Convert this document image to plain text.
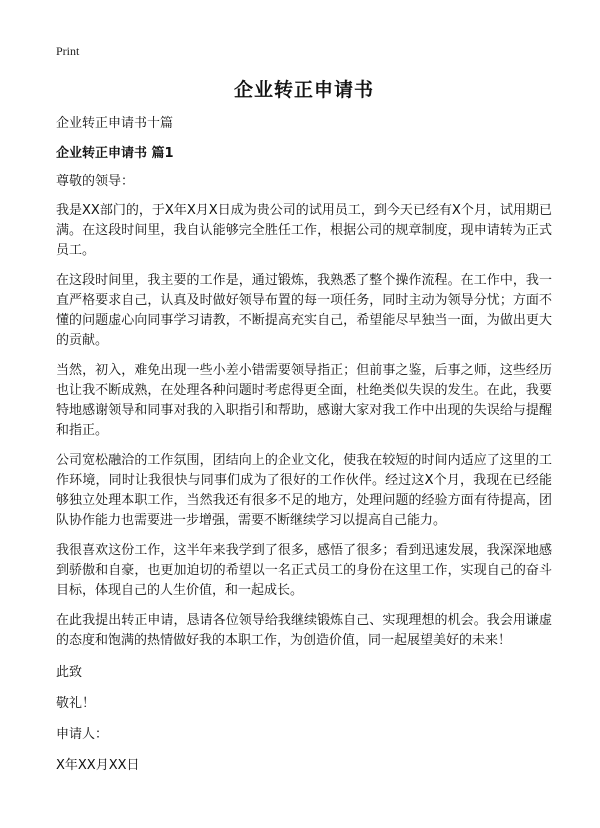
Print
企业转正申请书
企业转正申请书十篇
企业转正申请书 篇1
尊敬的领导：

我是XX部门的，于X年X月X日成为贵公司的试用员工，到今天已经有X个月，试用期已满。在这段时间里，我自认能够完全胜任工作，根据公司的规章制度，现申请转为正式员工。

在这段时间里，我主要的工作是，通过锻炼，我熟悉了整个操作流程。在工作中，我一直严格要求自己，认真及时做好领导布置的每一项任务，同时主动为领导分忧；方面不懂的问题虚心向同事学习请教，不断提高充实自己，希望能尽早独当一面，为做出更大的贡献。

当然，初入，难免出现一些小差小错需要领导指正；但前事之鉴，后事之师，这些经历也让我不断成熟，在处理各种问题时考虑得更全面，杜绝类似失误的发生。在此，我要特地感谢领导和同事对我的入职指引和帮助，感谢大家对我工作中出现的失误给与提醒和指正。

公司宽松融洽的工作氛围，团结向上的企业文化，使我在较短的时间内适应了这里的工作环境，同时让我很快与同事们成为了很好的工作伙伴。经过这X个月，我现在已经能够独立处理本职工作，当然我还有很多不足的地方，处理问题的经验方面有待提高，团队协作能力也需要进一步增强，需要不断继续学习以提高自己能力。

我很喜欢这份工作，这半年来我学到了很多，感悟了很多；看到迅速发展，我深深地感到骄傲和自豪，也更加迫切的希望以一名正式员工的身份在这里工作，实现自己的奋斗目标，体现自己的人生价值，和一起成长。

在此我提出转正申请，恳请各位领导给我继续锻炼自己、实现理想的机会。我会用谦虚的态度和饱满的热情做好我的本职工作，为创造价值，同一起展望美好的未来！

此致
敬礼！
申请人：
X年XX月XX日
